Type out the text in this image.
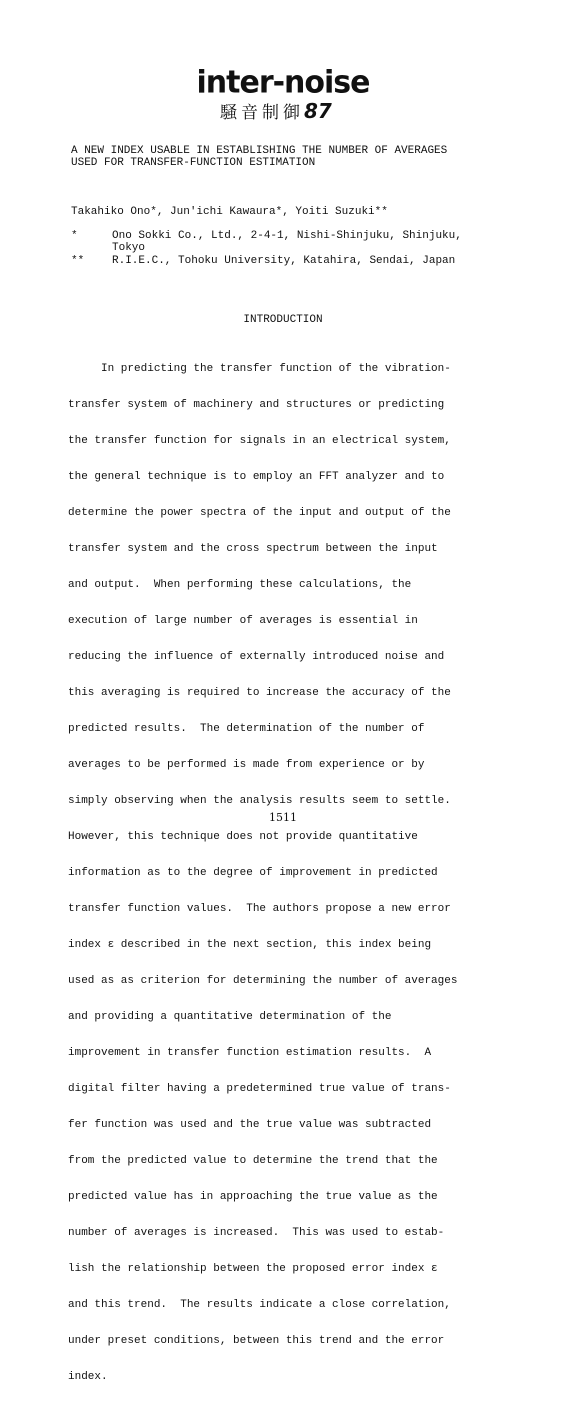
inter-noise
騒音制御87
A NEW INDEX USABLE IN ESTABLISHING THE NUMBER OF AVERAGES
USED FOR TRANSFER-FUNCTION ESTIMATION
Takahiko Ono*, Jun'ichi Kawaura*, Yoiti Suzuki**
*	Ono Sokki Co., Ltd., 2-4-1, Nishi-Shinjuku, Shinjuku,
Tokyo
**	R.I.E.C., Tohoku University, Katahira, Sendai, Japan
INTRODUCTION

In predicting the transfer function of the vibration-

transfer system of machinery and structures or predicting

the transfer function for signals in an electrical system,

the general technique is to employ an FFT analyzer and to

determine the power spectra of the input and output of the

transfer system and the cross spectrum between the input

and output.  When performing these calculations, the

execution of large number of averages is essential in

reducing the influence of externally introduced noise and

this averaging is required to increase the accuracy of the

predicted results.  The determination of the number of

averages to be performed is made from experience or by

simply observing when the analysis results seem to settle.

However, this technique does not provide quantitative

information as to the degree of improvement in predicted

transfer function values.  The authors propose a new error

index ε described in the next section, this index being

used as as criterion for determining the number of averages

and providing a quantitative determination of the

improvement in transfer function estimation results.  A

digital filter having a predetermined true value of trans-

fer function was used and the true value was subtracted

from the predicted value to determine the trend that the

predicted value has in approaching the true value as the

number of averages is increased.  This was used to estab-

lish the relationship between the proposed error index ε

and this trend.  The results indicate a close correlation,

under preset conditions, between this trend and the error

index.

1511
